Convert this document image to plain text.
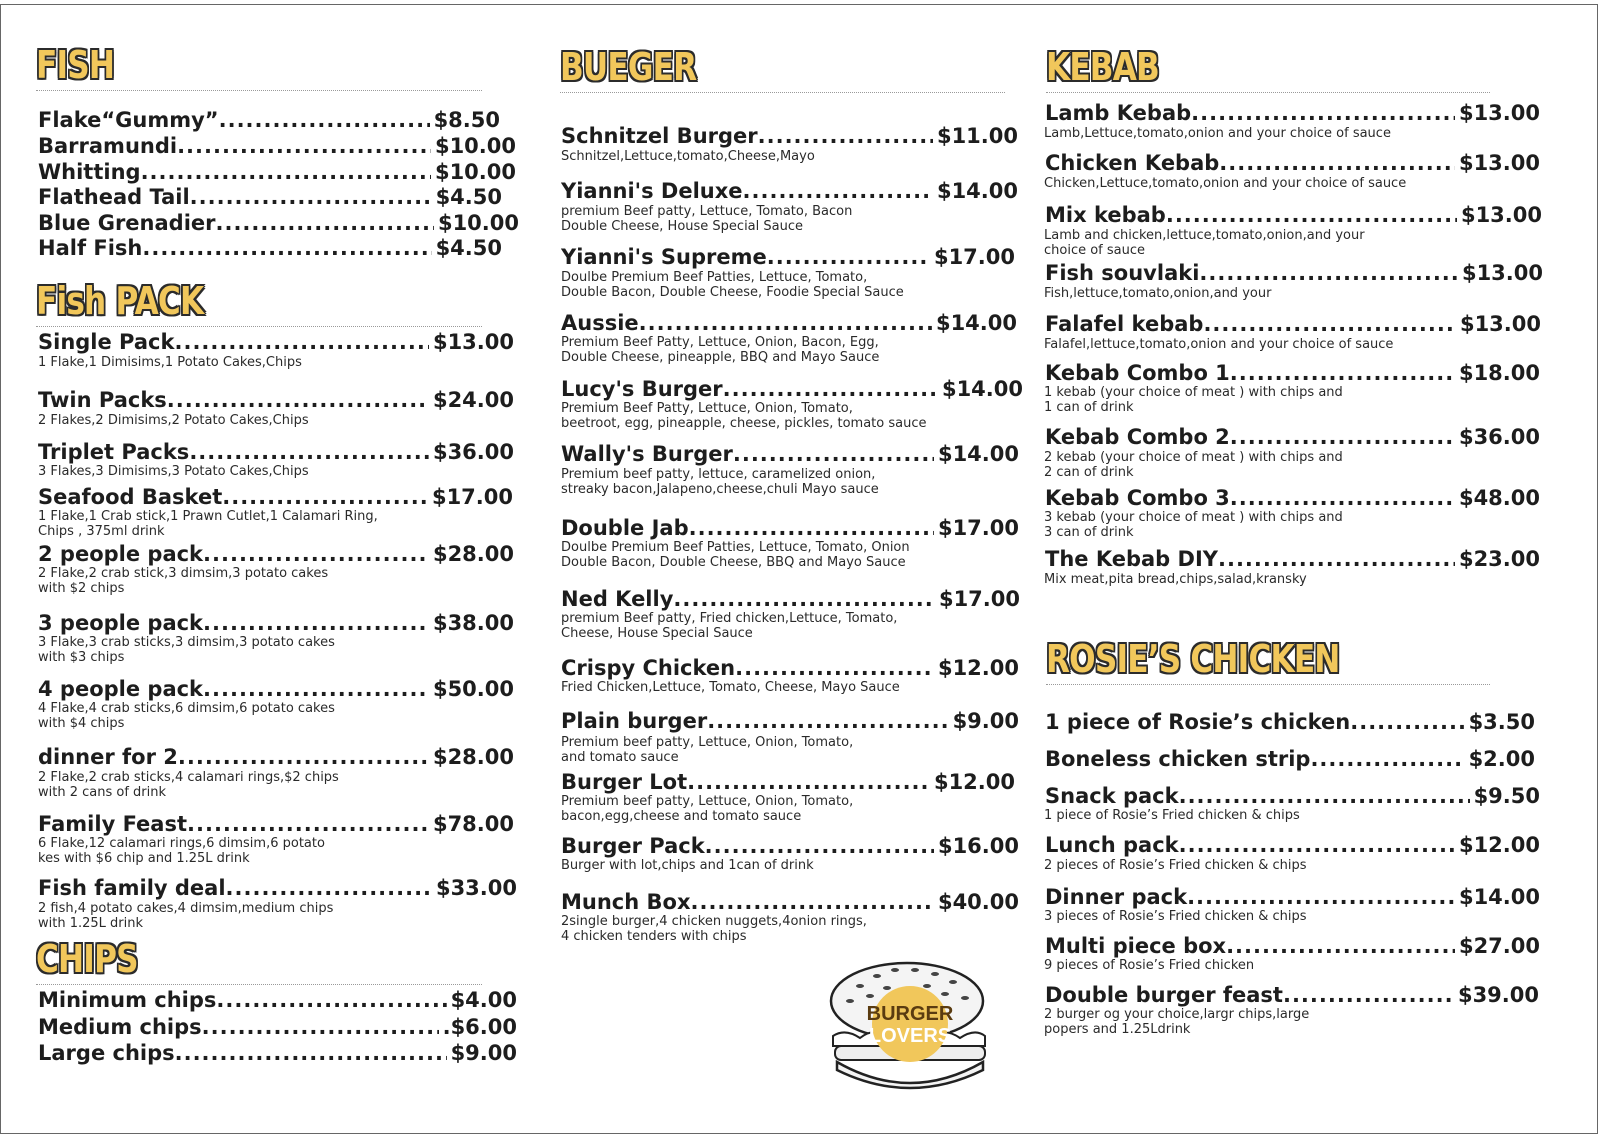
FISH
Flake“Gummy” .....	$8.50
Barramundi .....	$10.00
Whitting .....	$10.00
Flathead Tail .....	$4.50
Blue Grenadier .....	$10.00
Half Fish .....	$4.50
Fish PACK
Single Pack .....	$13.00
1 Flake,1 Dimisims,1 Potato Cakes,Chips
Twin Packs .....	$24.00
2 Flakes,2 Dimisims,2 Potato Cakes,Chips
Triplet Packs .....	$36.00
3 Flakes,3 Dimisims,3 Potato Cakes,Chips
Seafood Basket .....	$17.00
1 Flake,1 Crab stick,1 Prawn Cutlet,1 Calamari Ring,
Chips , 375ml drink
2 people pack .....	$28.00
2 Flake,2 crab stick,3 dimsim,3 potato cakes
with $2 chips
3 people pack .....	$38.00
3 Flake,3 crab sticks,3 dimsim,3 potato cakes
with $3 chips
4 people pack .....	$50.00
4 Flake,4 crab sticks,6 dimsim,6 potato cakes
with $4 chips
dinner for 2 .....	$28.00
2 Flake,2 crab sticks,4 calamari rings,$2 chips
with 2 cans of drink
Family Feast .....	$78.00
6 Flake,12 calamari rings,6 dimsim,6 potato
kes with $6 chip and 1.25L drink
Fish family deal .....	$33.00
2 fish,4 potato cakes,4 dimsim,medium chips
with 1.25L drink
CHIPS
Minimum chips .....	$4.00
Medium chips .....	.$6.00
Large chips .....	$9.00
BUEGER
Schnitzel Burger .....	$11.00
Schnitzel,Lettuce,tomato,Cheese,Mayo
Yianni's Deluxe .....	$14.00
premium Beef patty, Lettuce, Tomato, Bacon
Double Cheese, House Special Sauce
Yianni's Supreme .....	$17.00
Doulbe Premium Beef Patties, Lettuce, Tomato,
Double Bacon, Double Cheese, Foodie Special Sauce
Aussie .....	$14.00
Premium Beef Patty, Lettuce, Onion, Bacon, Egg,
Double Cheese, pineapple, BBQ and Mayo Sauce
Lucy's Burger .....	$14.00
Premium Beef Patty, Lettuce, Onion, Tomato,
beetroot, egg, pineapple, cheese, pickles, tomato sauce
Wally's Burger .....	$14.00
Premium beef patty, lettuce, caramelized onion,
streaky bacon,Jalapeno,cheese,chuli Mayo sauce
Double Jab .....	$17.00
Doulbe Premium Beef Patties, Lettuce, Tomato, Onion
Double Bacon, Double Cheese, BBQ and Mayo Sauce
Ned Kelly .....	$17.00
premium Beef patty, Fried chicken,Lettuce, Tomato,
Cheese, House Special Sauce
Crispy Chicken .....	$12.00
Fried Chicken,Lettuce, Tomato, Cheese, Mayo Sauce
Plain burger .....	$9.00
Premium beef patty, Lettuce, Onion, Tomato,
and tomato sauce
Burger Lot .....	$12.00
Premium beef patty, Lettuce, Onion, Tomato,
bacon,egg,cheese and tomato sauce
Burger Pack .....	$16.00
Burger with lot,chips and 1can of drink
Munch Box .....	$40.00
2single burger,4 chicken nuggets,4onion rings,
4 chicken tenders with chips
BURGER
LOVERS
KEBAB
Lamb Kebab .....	$13.00
Lamb,Lettuce,tomato,onion and your choice of sauce
Chicken Kebab .....	$13.00
Chicken,Lettuce,tomato,onion and your choice of sauce
Mix kebab .....	$13.00
Lamb and chicken,lettuce,tomato,onion,and your
choice of sauce
Fish souvlaki .....	$13.00
Fish,lettuce,tomato,onion,and your
Falafel kebab .....	$13.00
Falafel,lettuce,tomato,onion and your choice of sauce
Kebab Combo 1 .....	$18.00
1 kebab (your choice of meat ) with chips and
1 can of drink
Kebab Combo 2 .....	$36.00
2 kebab (your choice of meat ) with chips and
2 can of drink
Kebab Combo 3 .....	$48.00
3 kebab (your choice of meat ) with chips and
3 can of drink
The Kebab DIY .....	$23.00
Mix meat,pita bread,chips,salad,kransky
ROSIE’S CHICKEN
1 piece of Rosie’s chicken .....	$3.50
Boneless chicken strip .....	$2.00
Snack pack .....	$9.50
1 piece of Rosie’s Fried chicken & chips
Lunch pack .....	$12.00
2 pieces of Rosie’s Fried chicken & chips
Dinner pack .....	$14.00
3 pieces of Rosie’s Fried chicken & chips
Multi piece box .....	$27.00
9 pieces of Rosie’s Fried chicken
Double burger feast .....	$39.00
2 burger og your choice,largr chips,large
popers and 1.25Ldrink
